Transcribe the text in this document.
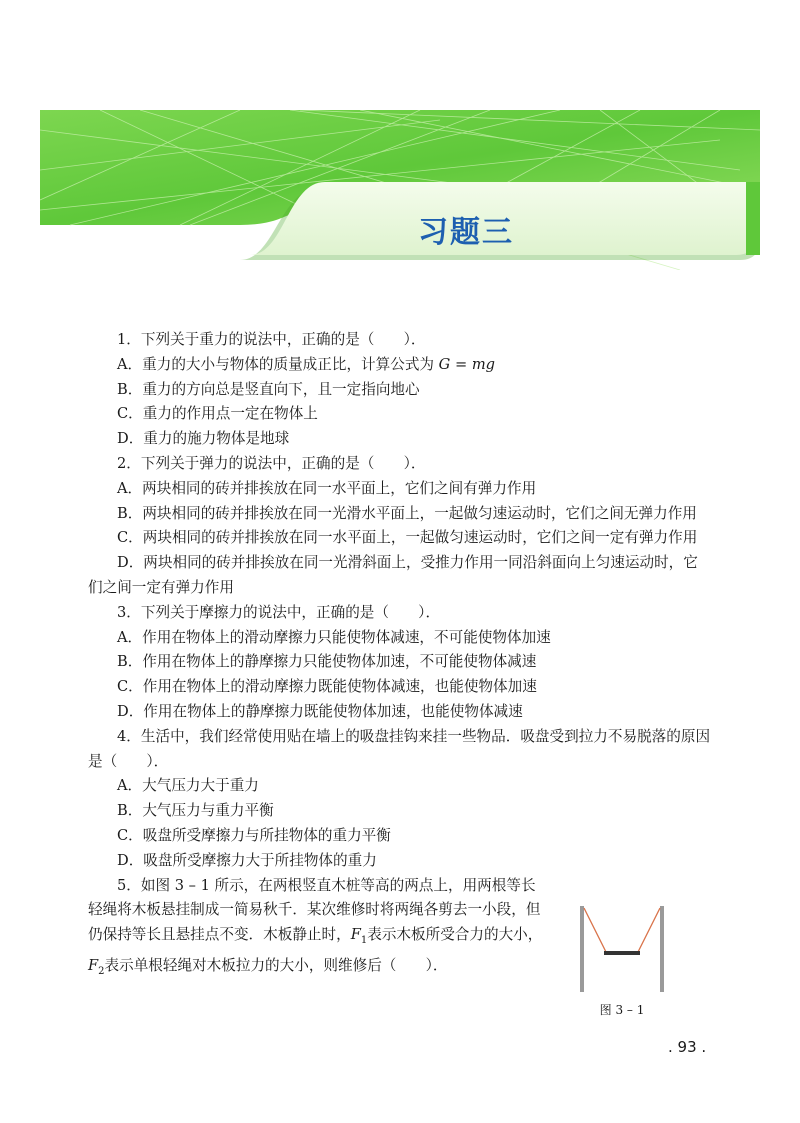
习题三

1．下列关于重力的说法中，正确的是（　　）．

A．重力的大小与物体的质量成正比，计算公式为 G = mg

B．重力的方向总是竖直向下，且一定指向地心

C．重力的作用点一定在物体上

D．重力的施力物体是地球

2．下列关于弹力的说法中，正确的是（　　）．

A．两块相同的砖并排挨放在同一水平面上，它们之间有弹力作用

B．两块相同的砖并排挨放在同一光滑水平面上，一起做匀速运动时，它们之间无弹力作用

C．两块相同的砖并排挨放在同一水平面上，一起做匀速运动时，它们之间一定有弹力作用

D．两块相同的砖并排挨放在同一光滑斜面上，受推力作用一同沿斜面向上匀速运动时，它们之间一定有弹力作用

3．下列关于摩擦力的说法中，正确的是（　　）．

A．作用在物体上的滑动摩擦力只能使物体减速，不可能使物体加速

B．作用在物体上的静摩擦力只能使物体加速，不可能使物体减速

C．作用在物体上的滑动摩擦力既能使物体减速，也能使物体加速

D．作用在物体上的静摩擦力既能使物体加速，也能使物体减速

4．生活中，我们经常使用贴在墙上的吸盘挂钩来挂一些物品．吸盘受到拉力不易脱落的原因是（　　）．

A．大气压力大于重力

B．大气压力与重力平衡

C．吸盘所受摩擦力与所挂物体的重力平衡

D．吸盘所受摩擦力大于所挂物体的重力

5．如图 3 – 1 所示，在两根竖直木桩等高的两点上，用两根等长轻绳将木板悬挂制成一简易秋千．某次维修时将两绳各剪去一小段，但仍保持等长且悬挂点不变．木板静止时，$F_1$表示木板所受合力的大小，$F_2$表示单根轻绳对木板拉力的大小，则维修后（　　）．

图 3 – 1
. 93 .
